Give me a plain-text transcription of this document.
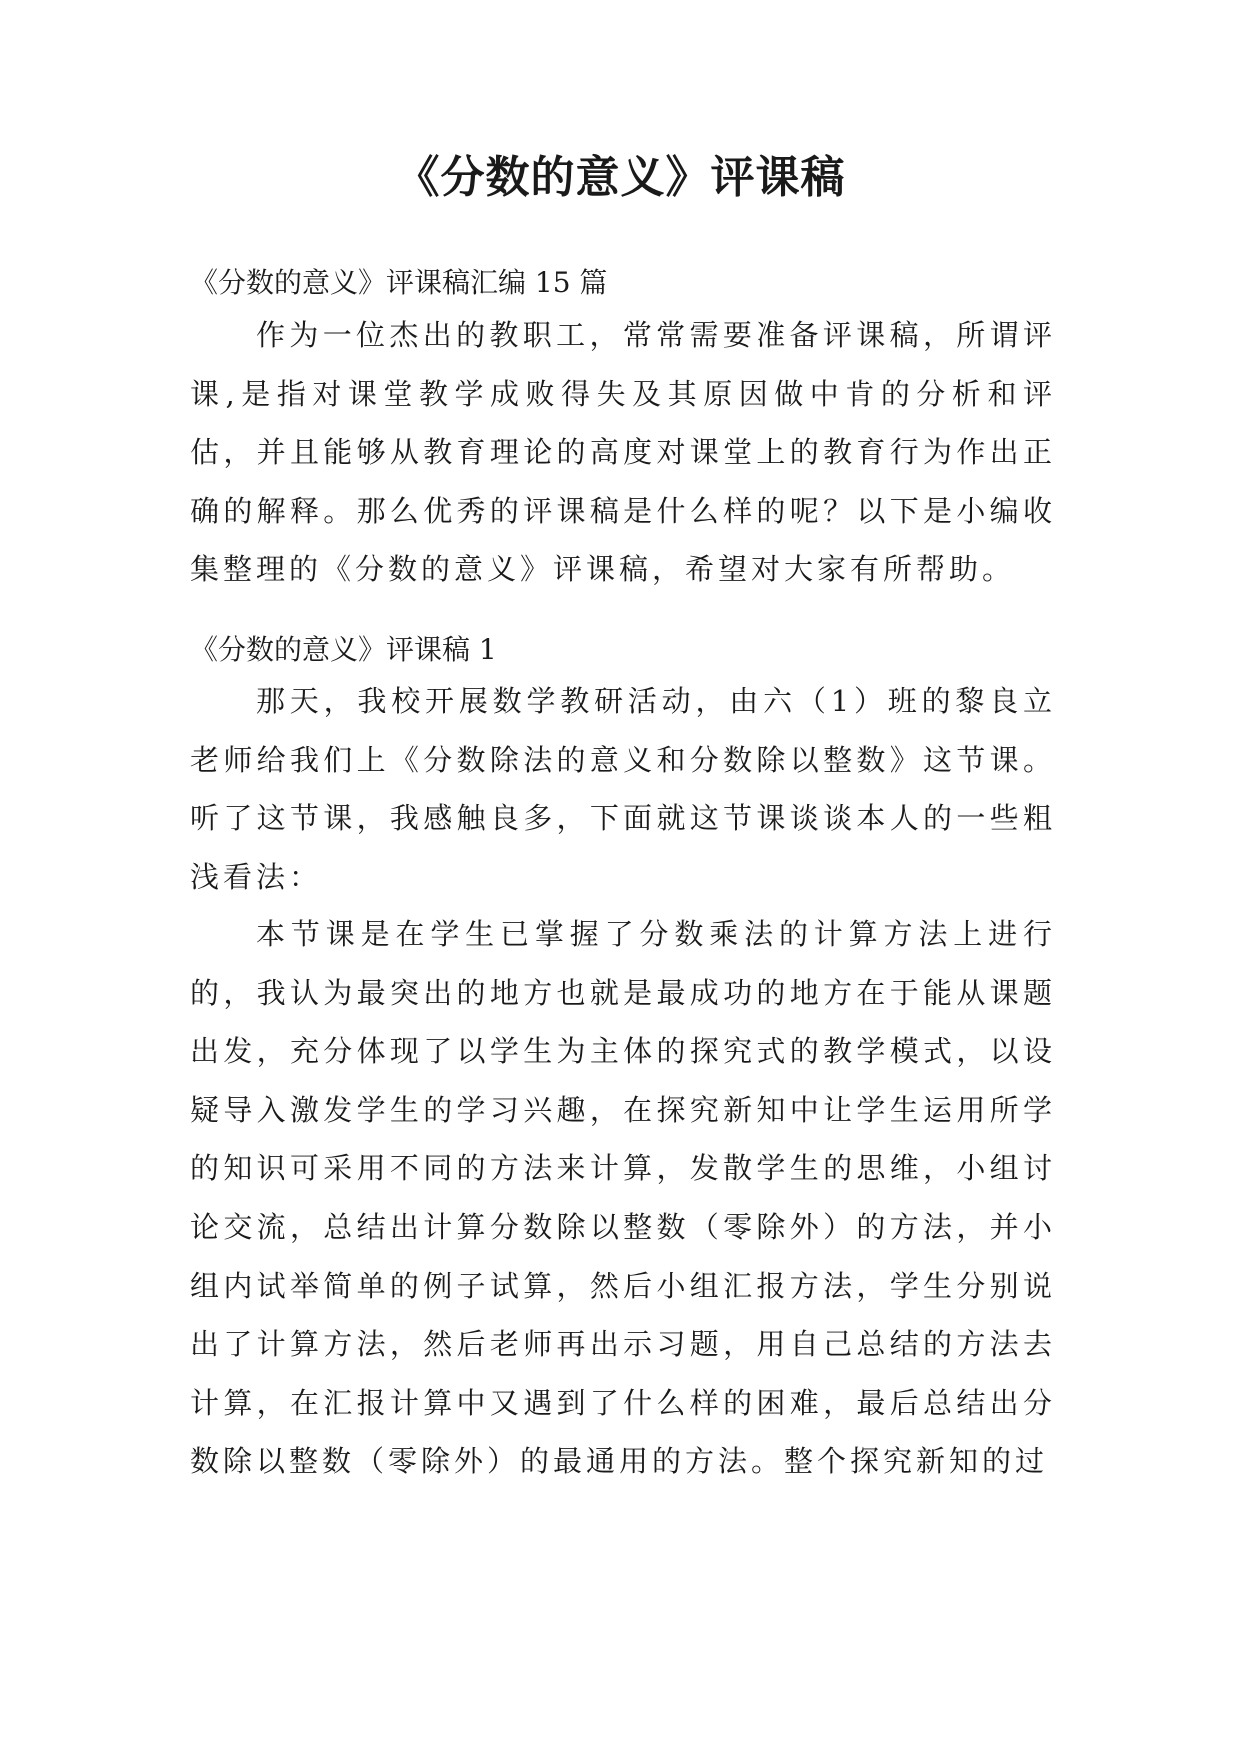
《分数的意义》评课稿
《分数的意义》评课稿汇编 15 篇
作为一位杰出的教职工，常常需要准备评课稿，所谓评课,是指对课堂教学成败得失及其原因做中肯的分析和评估，并且能够从教育理论的高度对课堂上的教育行为作出正确的解释。那么优秀的评课稿是什么样的呢？以下是小编收集整理的《分数的意义》评课稿，希望对大家有所帮助。
《分数的意义》评课稿 1
那天，我校开展数学教研活动，由六（1）班的黎良立老师给我们上《分数除法的意义和分数除以整数》这节课。听了这节课，我感触良多，下面就这节课谈谈本人的一些粗浅看法：
本节课是在学生已掌握了分数乘法的计算方法上进行的，我认为最突出的地方也就是最成功的地方在于能从课题出发，充分体现了以学生为主体的探究式的教学模式，以设疑导入激发学生的学习兴趣，在探究新知中让学生运用所学的知识可采用不同的方法来计算，发散学生的思维，小组讨论交流，总结出计算分数除以整数（零除外）的方法，并小组内试举简单的例子试算，然后小组汇报方法，学生分别说出了计算方法，然后老师再出示习题，用自己总结的方法去计算，在汇报计算中又遇到了什么样的困难，最后总结出分数除以整数（零除外）的最通用的方法。整个探究新知的过
